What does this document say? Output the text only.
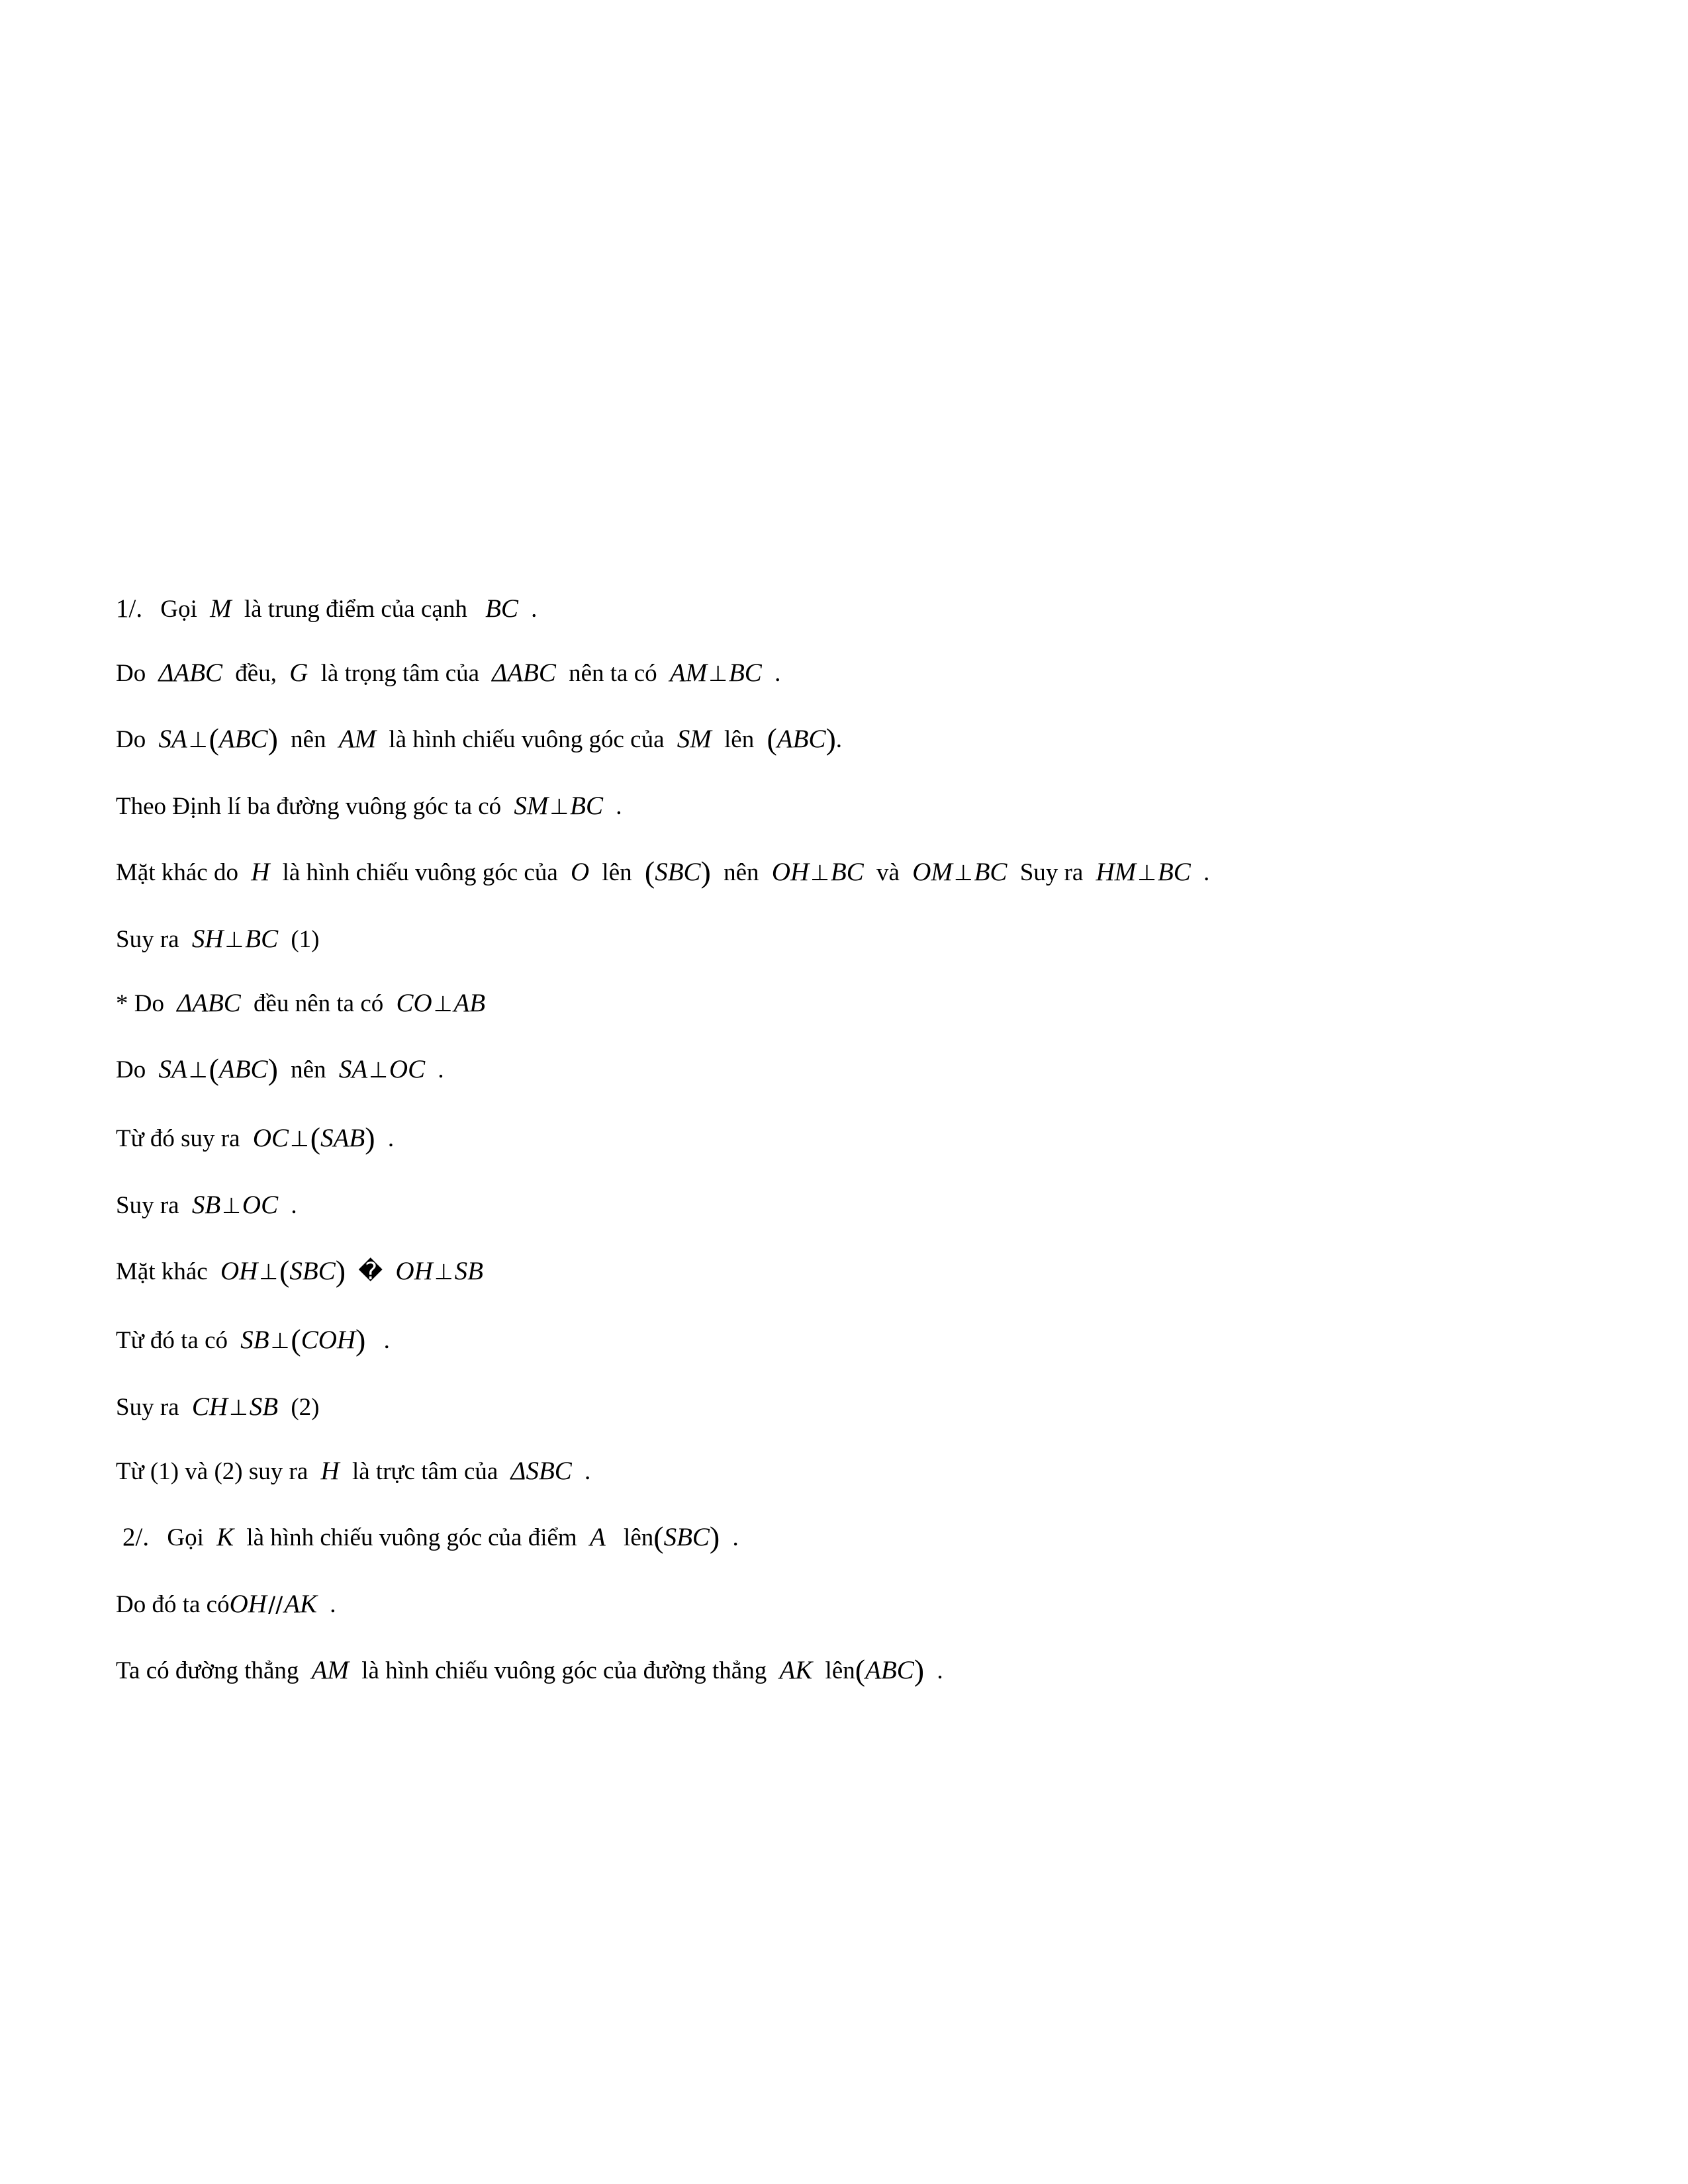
1/. Gọi M là trung điểm của cạnh BC .

Do ΔABC đều, G là trọng tâm của ΔABC nên ta có AM⊥BC .

Do SA⊥(ABC) nên AM là hình chiếu vuông góc của SM lên (ABC).

Theo Định lí ba đường vuông góc ta có SM⊥BC .

Mặt khác do H là hình chiếu vuông góc của O lên (SBC) nên OH⊥BC và OM⊥BC Suy ra HM⊥BC .

Suy ra SH⊥BC (1)

* Do ΔABC đều nên ta có CO⊥AB

Do SA⊥(ABC) nên SA⊥OC .

Từ đó suy ra OC⊥(SAB) .

Suy ra SB⊥OC .

Mặt khác OH⊥(SBC) � OH⊥SB

Từ đó ta có SB⊥(COH) .

Suy ra CH⊥SB (2)

Từ (1) và (2) suy ra H là trực tâm của ΔSBC .

2/. Gọi K là hình chiếu vuông góc của điểm A lên(SBC) .

Do đó ta cóOH//AK .

Ta có đường thẳng AM là hình chiếu vuông góc của đường thẳng AK lên(ABC) .
